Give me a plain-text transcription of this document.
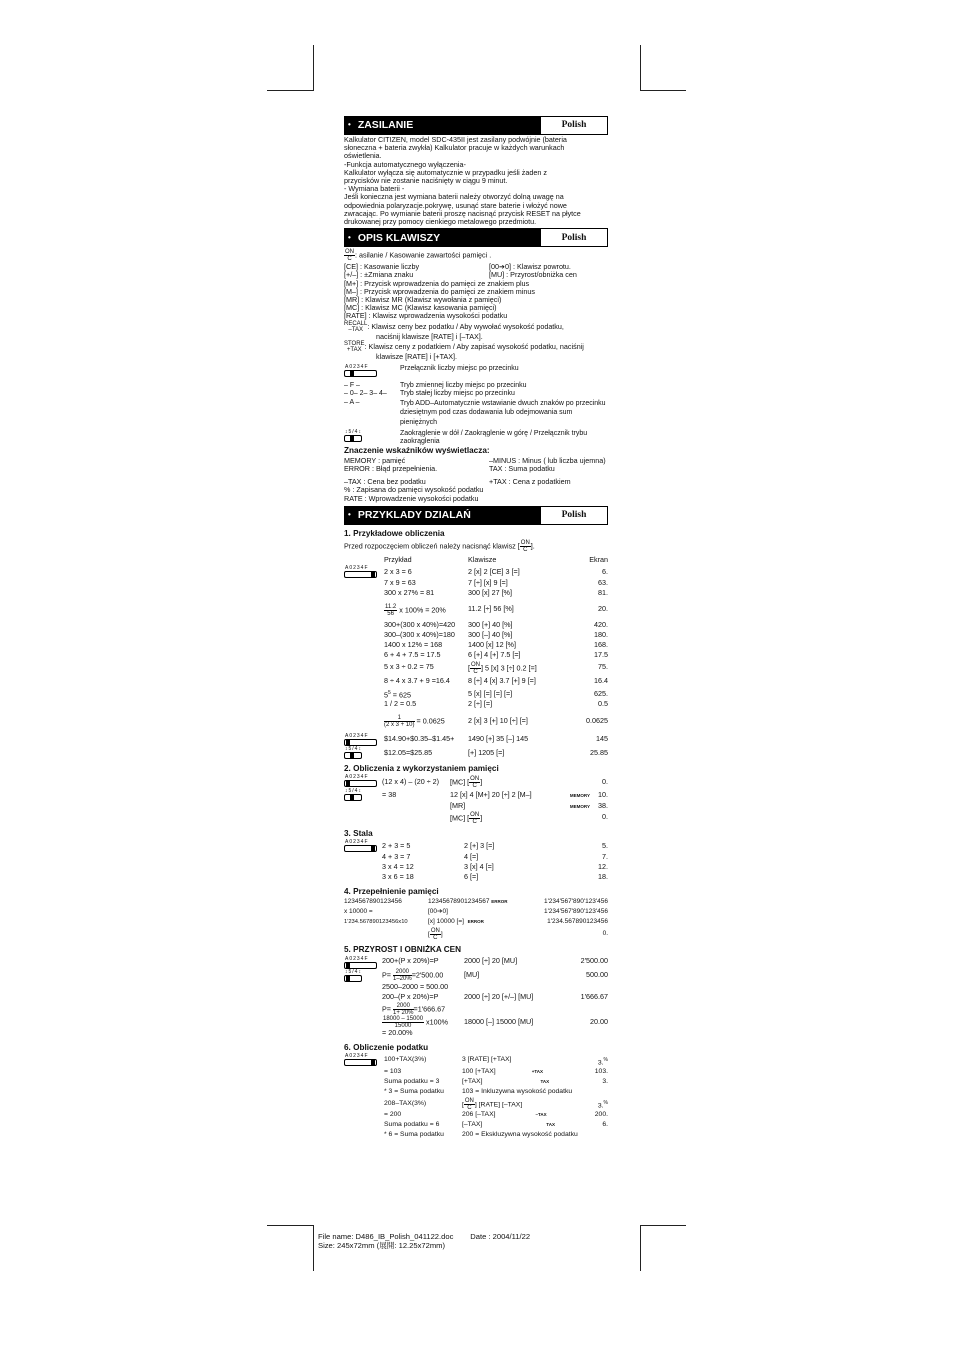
• ZASILANIE	Polish

Kalkulator CITIZEN, model SDC-435II jest zasilany podwójnie (bateria

słoneczna + bateria zwykła) Kalkulator pracuje w każdych warunkach

oświetlenia.

-Funkcja automatycznego wyłączenia-

Kalkulator wyłącza się automatycznie w przypadku jeśli żaden z

przycisków nie zostanie naciśnięty w ciągu 9 minut.

- Wymiana baterii -

Jeśli konieczna jest wymiana baterii należy otworzyć dolną uwagę na

odpowiednia polaryzacje.pokrywę, usunąć stare baterie i włożyć nowe

zwracając. Po wymianie baterii proszę nacisnąć przycisk RESET na płytce

drukowanej przy pomocy cienkiego metalowego przedmiotu.

• OPIS KLAWISZY	Polish

$\frac{ON}{C}$ : asilanie / Kasowanie zawartości pamięci .

[CE] : Kasowanie liczby	[00➔0] : Klawisz powrotu.
[+/–] : ±Zmiana znaku	[MU] : Przyrost/obniżka cen

[M+] : Przycisk wprowadzenia do pamięci ze znakiem plus

[M–] : Przycisk wprowadzenia do pamięci ze znakiem minus

[MR] : Klawisz MR (Klawisz wywołania z pamięci)

[MC] : Klawisz MC (Klawisz kasowania pamięci)

[RATE] : Klawisz wprowadzenia wysokości podatku

RECALL
–TAX : Klawisz ceny bez podatku / Aby wywołać wysokość podatku,

naciśnij klawisze [RATE] i [–TAX].

STORE
+TAX : Klawisz ceny z podatkiem / Aby zapisać wysokość podatku, naciśnij

klawisze [RATE] i [+TAX].

A0234F	Przełącznik liczby miejsc po przecinku
– F –	Tryb zmiennej liczby miejsc po przecinku
– 0– 2– 3– 4–	Tryb stałej liczby miejsc po przecinku
– A –	Tryb ADD–Automatycznie wstawianie dwuch znaków po przecinku dziesiętnym pod czas dodawania lub odejmowania sum pieniężnych
↕5/4↕	Zaokrąglenie w dół / Zaokrąglenie w górę / Przełącznik trybu zaokrąglenia
Znaczenie wskaźników wyświetlacza:
MEMORY : pamięć	–MINUS : Minus ( lub liczba ujemna)
ERROR : Błąd przepełnienia.	TAX : Suma podatku
–TAX : Cena bez podatku	+TAX : Cena z podatkiem

% : Zapisana do pamięci wysokość podatku

RATE : Wprowadzenie wysokości podatku

• PRZYKLADY DZIALAŃ	Polish
1. Przykładowe obliczenia

Przed rozpoczęciem obliczeń należy nacisnąć klawisz [ $\frac{ON}{C}$ ].

Przykład	Klawisze	Ekran
A0234F 2 x 3 = 6	2 [x] 2 [CE] 3 [=]	6.
7 x 9 = 63	7 [÷] [x] 9 [=]	63.
300 x 27% = 81	300 [x] 27 [%]	81.
$\frac{11.2}{56}$ x 100% = 20%	11.2 [÷] 56 [%]	20.
300+(300 x 40%)=420	300 [+] 40 [%]	420.
300–(300 x 40%)=180	300 [–] 40 [%]	180.
1400 x 12% = 168	1400 [x] 12 [%]	168.
6 + 4 + 7.5 = 17.5	6 [+] 4 [+] 7.5 [=]	17.5
5 x 3 ÷ 0.2 = 75	[ $\frac{ON}{C}$ ] 5 [x] 3 [÷] 0.2 [=]	75.
8 ÷ 4 x 3.7 + 9 =16.4	8 [÷] 4 [x] 3.7 [+] 9 [=]	16.4
$5^5 = 625$	5 [x] [=] [=] [=]	625.
1 / 2 = 0.5	2 [÷] [=]	0.5
$\frac{1}{(2 x 3 + 10)} = 0.0625$	2 [x] 3 [+] 10 [÷] [=]	0.0625
A0234F

↕5/4↕
$14.90+$0.35–$1.45+	1490 [+] 35 [–] 145	145
$12.05=$25.85	[+] 1205 [=]	25.85
2. Obliczenia z wykorzystaniem pamięci
A0234F

↕5/4↕
(12 x 4) – (20 ÷ 2)	[MC] [ $\frac{ON}{C}$ ]	0.
= 38	12 [x] 4 [M+] 20 [÷] 2 [M–]	MEMORY 10.
[MR]	MEMORY 38.
[MC] [ $\frac{ON}{C}$ ]	0.
3. Stala
A0234F 2 + 3 = 5	2 [+] 3 [=]	5.
4 + 3 = 7	4 [=]	7.
3 x 4 = 12	3 [x] 4 [=]	12.
3 x 6 = 18	6 [=]	18.
4. Przepełnienie pamięci
1234567890123456	12345678901234567 ERROR	1'234'567'890'123'456
x 10000 =	[00➔0]	1'234'567'890'123'456
1'234.5678901234​56x10	[x] 10000 [=] ERROR	1'234.5678901234​56
[ $\frac{ON}{C}$ ]	0.
5. PRZYROST I OBNIŻKA CEN
A0234F

↕5/4↕
200+(P x 20%)=P	2000 [÷] 20 [MU]	2'500.00
$P= \frac{2000}{1-20\%} =2'500.00$	[MU]	500.00
2500–2000 = 500.00
200–(P x 20%)=P	2000 [÷] 20 [+/–] [MU]	1'666.67
$P= \frac{2000}{1+ 20\%} =1'666.67$
$\frac{18000 - 15000}{15000} x100\%$	18000 [–] 15000 [MU]	20.00
= 20.00%
6. Obliczenie podatku
A0234F
100+TAX(3%)	3 [RATE] [+TAX]	3.%
= 103	100 [+TAX]	+TAX	103.
Suma podatku = 3	[+TAX]	TAX	3.
* 3 = Suma podatku	103 = Inkluzywna wysokość podatku
208–TAX(3%)	[ $\frac{ON}{C}$ ] [RATE] [–TAX]	3.%
= 200	206 [–TAX]	–TAX	200.
Suma podatku = 6	[–TAX]	TAX	6.
* 6 = Suma podatku	200 = Ekskluzywna wysokość podatku
File name: D486_IB_Polish_041122.doc Date : 2004/11/22
Size: 245x72mm (展開: 12.25x72mm)
